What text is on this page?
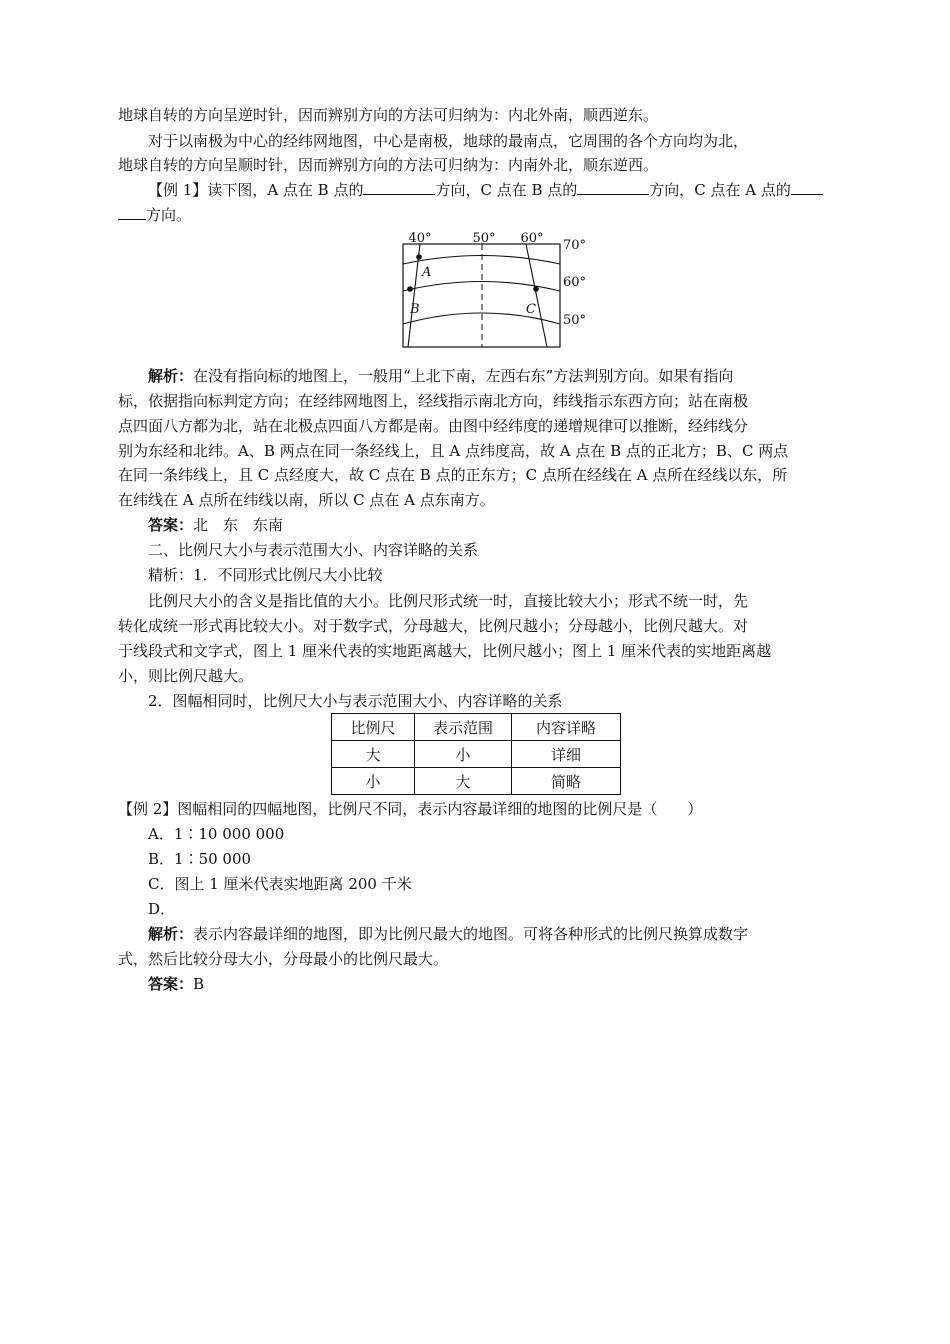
地球自转的方向呈逆时针，因而辨别方向的方法可归纳为：内北外南，顺西逆东。
对于以南极为中心的经纬网地图，中心是南极，地球的最南点，它周围的各个方向均为北，
地球自转的方向呈顺时针，因而辨别方向的方法可归纳为：内南外北，顺东逆西。
【例 1】读下图，A 点在 B 点的	方向，C 点在 B 点的	方向，C 点在 A 点的
方向。
40°	50° 60° 70°
60°
50°
A
B	C
解析：在没有指向标的地图上，一般用“上北下南，左西右东”方法判别方向。如果有指向
标，依据指向标判定方向；在经纬网地图上，经线指示南北方向，纬线指示东西方向；站在南极
点四面八方都为北，站在北极点四面八方都是南。由图中经纬度的递增规律可以推断，经纬线分
别为东经和北纬。A、B 两点在同一条经线上，且 A 点纬度高，故 A 点在 B 点的正北方；B、C 两点
在同一条纬线上，且 C 点经度大，故 C 点在 B 点的正东方；C 点所在经线在 A 点所在经线以东，所
在纬线在 A 点所在纬线以南，所以 C 点在 A 点东南方。
答案：北　东　东南
二、比例尺大小与表示范围大小、内容详略的关系
精析：1．不同形式比例尺大小比较
比例尺大小的含义是指比值的大小。比例尺形式统一时，直接比较大小；形式不统一时，先
转化成统一形式再比较大小。对于数字式，分母越大，比例尺越小；分母越小，比例尺越大。对
于线段式和文字式，图上 1 厘米代表的实地距离越大，比例尺越小；图上 1 厘米代表的实地距离越
小，则比例尺越大。
2．图幅相同时，比例尺大小与表示范围大小、内容详略的关系
比例尺	表示范围	内容详略
大	小	详细
小	大	简略
【例 2】图幅相同的四幅地图，比例尺不同，表示内容最详细的地图的比例尺是（　　）
A．1∶10 000 000
B．1∶50 000
C．图上 1 厘米代表实地距离 200 千米
D．
解析：表示内容最详细的地图，即为比例尺最大的地图。可将各种形式的比例尺换算成数字
式，然后比较分母大小，分母最小的比例尺最大。
答案：B
